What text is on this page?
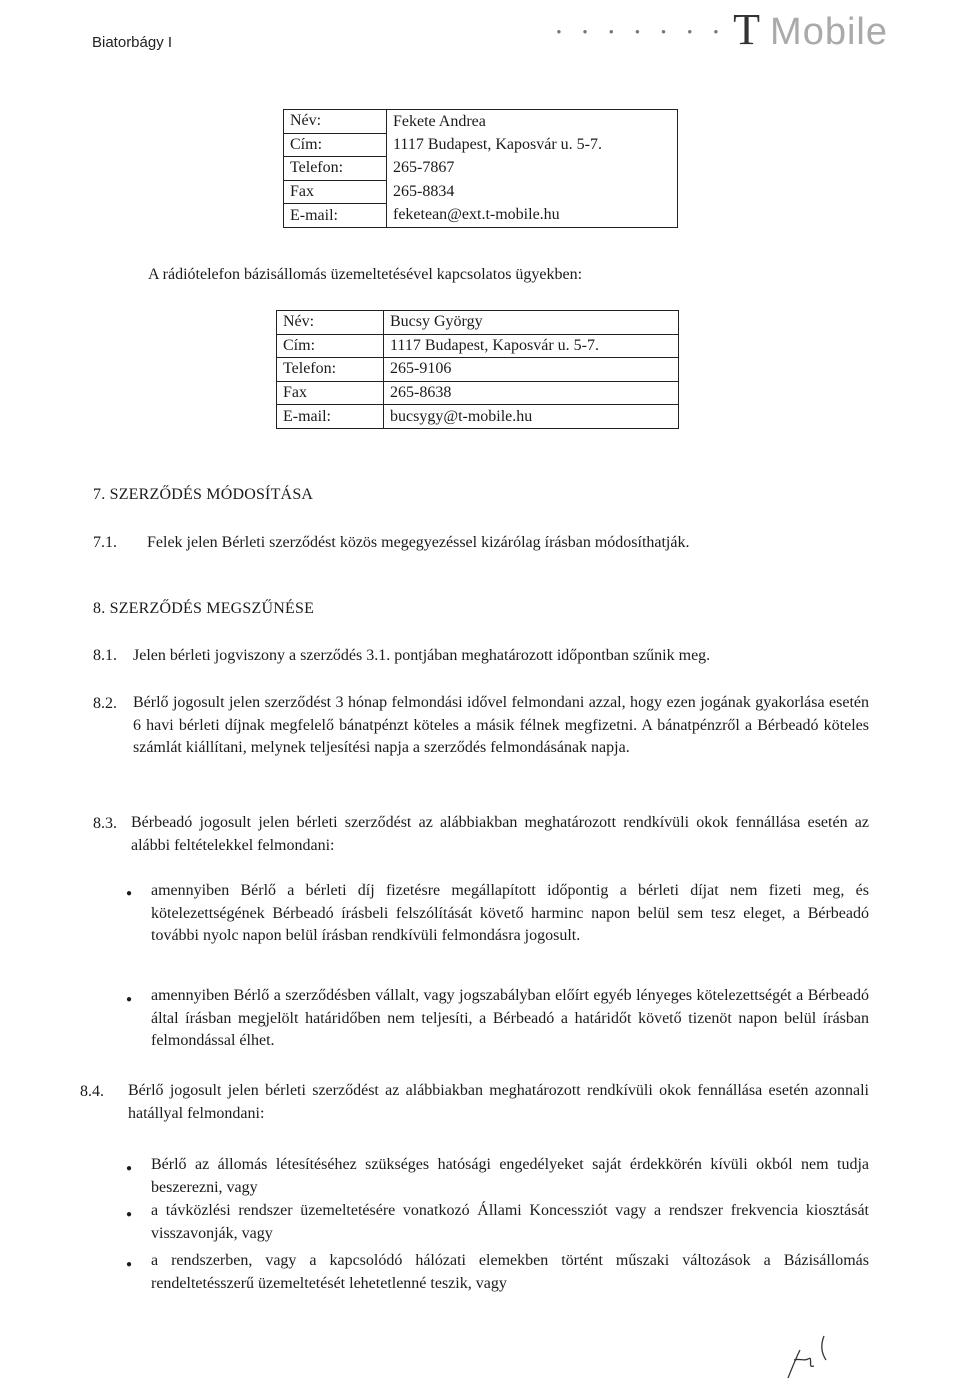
Biatorbágy I
• • • • • • • T Mobile
Név:	Fekete Andrea
Cím:	1117 Budapest, Kaposvár u. 5-7.
Telefon:	265-7867
Fax	265-8834
E-mail:	feketean@ext.t-mobile.hu
A rádiótelefon bázisállomás üzemeltetésével kapcsolatos ügyekben:
Név:	Bucsy György
Cím:	1117 Budapest, Kaposvár u. 5-7.
Telefon:	265-9106
Fax	265-8638
E-mail:	bucsygy@t-mobile.hu
7. SZERZŐDÉS MÓDOSÍTÁSA
7.1. Felek jelen Bérleti szerződést közös megegyezéssel kizárólag írásban módosíthatják.
8. SZERZŐDÉS MEGSZŰNÉSE
8.1. Jelen bérleti jogviszony a szerződés 3.1. pontjában meghatározott időpontban szűnik meg.
8.2. Bérlő jogosult jelen szerződést 3 hónap felmondási idővel felmondani azzal, hogy ezen jogának gyakorlása esetén 6 havi bérleti díjnak megfelelő bánatpénzt köteles a másik félnek megfizetni. A bánatpénzről a Bérbeadó köteles számlát kiállítani, melynek teljesítési napja a szerződés felmondásának napja.
8.3. Bérbeadó jogosult jelen bérleti szerződést az alábbiakban meghatározott rendkívüli okok fennállása esetén az alábbi feltételekkel felmondani:
● amennyiben Bérlő a bérleti díj fizetésre megállapított időpontig a bérleti díjat nem fizeti meg, és kötelezettségének Bérbeadó írásbeli felszólítását követő harminc napon belül sem tesz eleget, a Bérbeadó további nyolc napon belül írásban rendkívüli felmondásra jogosult.
● amennyiben Bérlő a szerződésben vállalt, vagy jogszabályban előírt egyéb lényeges kötelezettségét a Bérbeadó által írásban megjelölt határidőben nem teljesíti, a Bérbeadó a határidőt követő tizenöt napon belül írásban felmondással élhet.
8.4. Bérlő jogosult jelen bérleti szerződést az alábbiakban meghatározott rendkívüli okok fennállása esetén azonnali hatállyal felmondani:
● Bérlő az állomás létesítéséhez szükséges hatósági engedélyeket saját érdekkörén kívüli okból nem tudja beszerezni, vagy
● a távközlési rendszer üzemeltetésére vonatkozó Állami Koncessziót vagy a rendszer frekvencia kiosztását visszavonják, vagy
● a rendszerben, vagy a kapcsolódó hálózati elemekben történt műszaki változások a Bázisállomás rendeltetésszerű üzemeltetését lehetetlenné teszik, vagy
